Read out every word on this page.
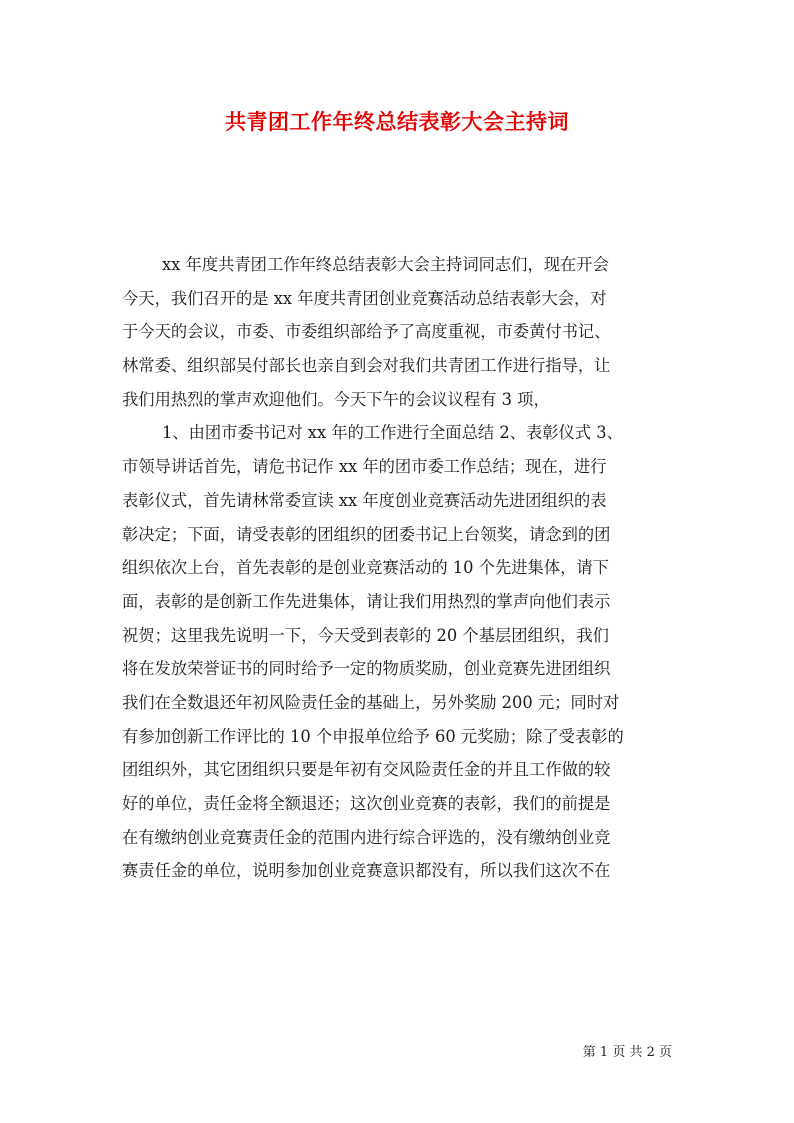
共青团工作年终总结表彰大会主持词
xx 年度共青团工作年终总结表彰大会主持词同志们，现在开会
今天，我们召开的是 xx 年度共青团创业竞赛活动总结表彰大会，对
于今天的会议，市委、市委组织部给予了高度重视，市委黄付书记、
林常委、组织部吴付部长也亲自到会对我们共青团工作进行指导，让
我们用热烈的掌声欢迎他们。今天下午的会议议程有 3 项，
1、由团市委书记对 xx 年的工作进行全面总结 2、表彰仪式 3、
市领导讲话首先，请危书记作 xx 年的团市委工作总结；现在，进行
表彰仪式，首先请林常委宣读 xx 年度创业竞赛活动先进团组织的表
彰决定；下面，请受表彰的团组织的团委书记上台领奖，请念到的团
组织依次上台，首先表彰的是创业竞赛活动的 10 个先进集体，请下
面，表彰的是创新工作先进集体，请让我们用热烈的掌声向他们表示
祝贺；这里我先说明一下，今天受到表彰的 20 个基层团组织，我们
将在发放荣誉证书的同时给予一定的物质奖励，创业竞赛先进团组织
我们在全数退还年初风险责任金的基础上，另外奖励 200 元；同时对
有参加创新工作评比的 10 个申报单位给予 60 元奖励；除了受表彰的
团组织外，其它团组织只要是年初有交风险责任金的并且工作做的较
好的单位，责任金将全额退还；这次创业竞赛的表彰，我们的前提是
在有缴纳创业竞赛责任金的范围内进行综合评选的，没有缴纳创业竞
赛责任金的单位，说明参加创业竞赛意识都没有，所以我们这次不在
第 1 页 共 2 页
